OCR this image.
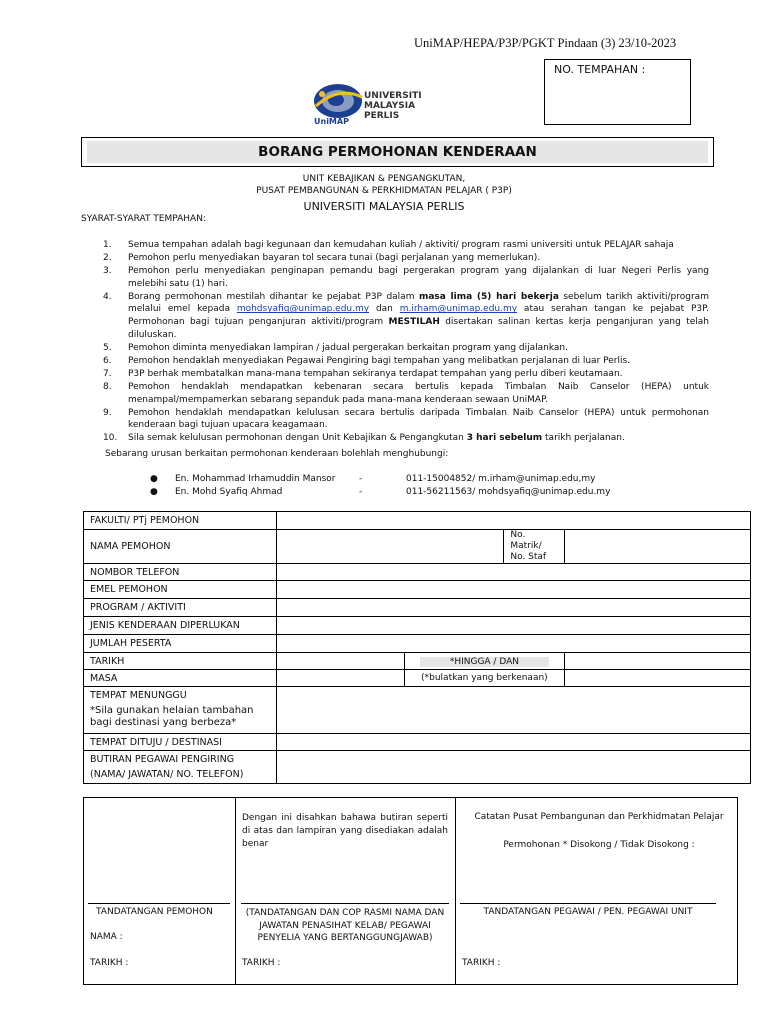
UniMAP/HEPA/P3P/PGKT Pindaan (3) 23/10-2023
NO. TEMPAHAN :
UNIVERSITI
MALAYSIA
PERLIS
UniMAP
BORANG PERMOHONAN KENDERAAN
UNIT KEBAJIKAN & PENGANGKUTAN,
PUSAT PEMBANGUNAN & PERKHIDMATAN PELAJAR ( P3P)
UNIVERSITI MALAYSIA PERLIS
SYARAT-SYARAT TEMPAHAN:
1. Semua tempahan adalah bagi kegunaan dan kemudahan kuliah / aktiviti/ program rasmi universiti untuk PELAJAR sahaja
2. Pemohon perlu menyediakan bayaran tol secara tunai (bagi perjalanan yang memerlukan).
3. Pemohon perlu menyediakan penginapan pemandu bagi pergerakan program yang dijalankan di luar Negeri Perlis yang melebihi satu (1) hari.
4. Borang permohonan mestilah dihantar ke pejabat P3P dalam masa lima (5) hari bekerja sebelum tarikh aktiviti/program melalui emel kepada mohdsyafiq@unimap.edu.my dan m.irham@unimap.edu.my atau serahan tangan ke pejabat P3P. Permohonan bagi tujuan penganjuran aktiviti/program MESTILAH disertakan salinan kertas kerja penganjuran yang telah diluluskan.
5. Pemohon diminta menyediakan lampiran / jadual pergerakan berkaitan program yang dijalankan.
6. Pemohon hendaklah menyediakan Pegawai Pengiring bagi tempahan yang melibatkan perjalanan di luar Perlis.
7. P3P berhak membatalkan mana-mana tempahan sekiranya terdapat tempahan yang perlu diberi keutamaan.
8. Pemohon hendaklah mendapatkan kebenaran secara bertulis kepada Timbalan Naib Canselor (HEPA) untuk menampal/mempamerkan sebarang sepanduk pada mana-mana kenderaan sewaan UniMAP.
9. Pemohon hendaklah mendapatkan kelulusan secara bertulis daripada Timbalan Naib Canselor (HEPA) untuk permohonan kenderaan bagi tujuan upacara keagamaan.
10. Sila semak kelulusan permohonan dengan Unit Kebajikan & Pengangkutan 3 hari sebelum tarikh perjalanan.
Sebarang urusan berkaitan permohonan kenderaan bolehlah menghubungi:
● En. Mohammad Irhamuddin Mansor	-	011-15004852/ m.irham@unimap.edu,my
● En. Mohd Syafiq Ahmad	-	011-56211563/ mohdsyafiq@unimap.edu.my
FAKULTI/ PTj PEMOHON				
NAMA PEMOHON			No. Matrik/ No. Staf	
NOMBOR TELEFON				
EMEL PEMOHON				
PROGRAM / AKTIVITI				
JENIS KENDERAAN DIPERLUKAN				
JUMLAH PESERTA				
TARIKH		*HINGGA / DAN		
MASA		(*bulatkan yang berkenaan)		

TEMPAT MENUNGGU
*Sila gunakan helaian tambahan bagi destinasi yang berbeza*				

TEMPAT DITUJU / DESTINASI				

BUTIRAN PEGAWAI PENGIRING
(NAMA/ JAWATAN/ NO. TELEFON)				

TANDATANGAN PEMOHON
NAMA :
TARIKH :
Dengan ini disahkan bahawa butiran seperti di atas dan lampiran yang disediakan adalah benar
(TANDATANGAN DAN COP RASMI NAMA DAN JAWATAN PENASIHAT KELAB/ PEGAWAI PENYELIA YANG BERTANGGUNGJAWAB)
TARIKH :
Catatan Pusat Pembangunan dan Perkhidmatan Pelajar
Permohonan * Disokong / Tidak Disokong :
TANDATANGAN PEGAWAI / PEN. PEGAWAI UNIT
TARIKH :
